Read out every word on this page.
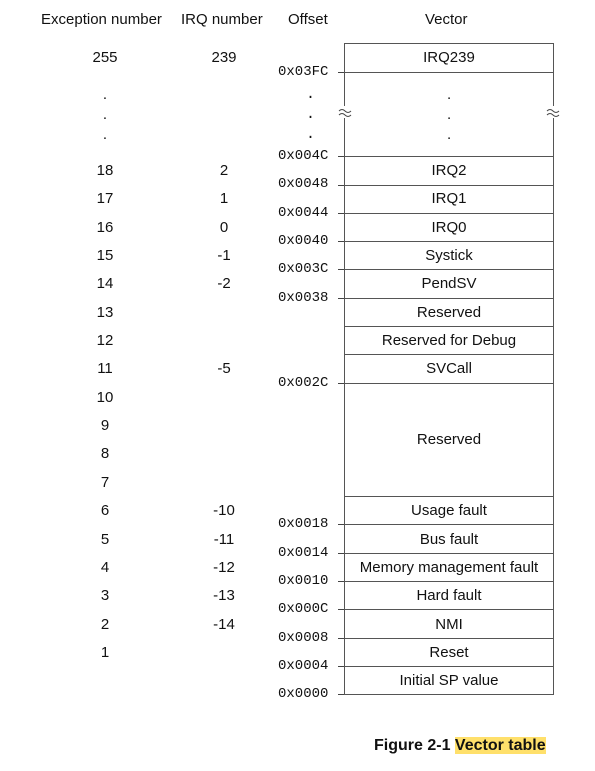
Exception number IRQ number Offset	Vector
255
.
.
.
18
17
16
15
14
13
12
11
10
9
8
7
6
5
4
3
2
1
239
2
1
0
-1
-2
-5
-10
-11
-12
-13
-14
0x03FC
.
.
.
0x004C
0x0048
0x0044
0x0040
0x003C
0x0038
0x002C
0x0018
0x0014
0x0010
0x000C
0x0008
0x0004
0x0000
IRQ239
.
.
.
IRQ2
IRQ1
IRQ0
Systick
PendSV
Reserved
Reserved for Debug
SVCall
Reserved
Usage fault
Bus fault
Memory management fault
Hard fault
NMI
Reset
Initial SP value
Figure 2-1 Vector table
